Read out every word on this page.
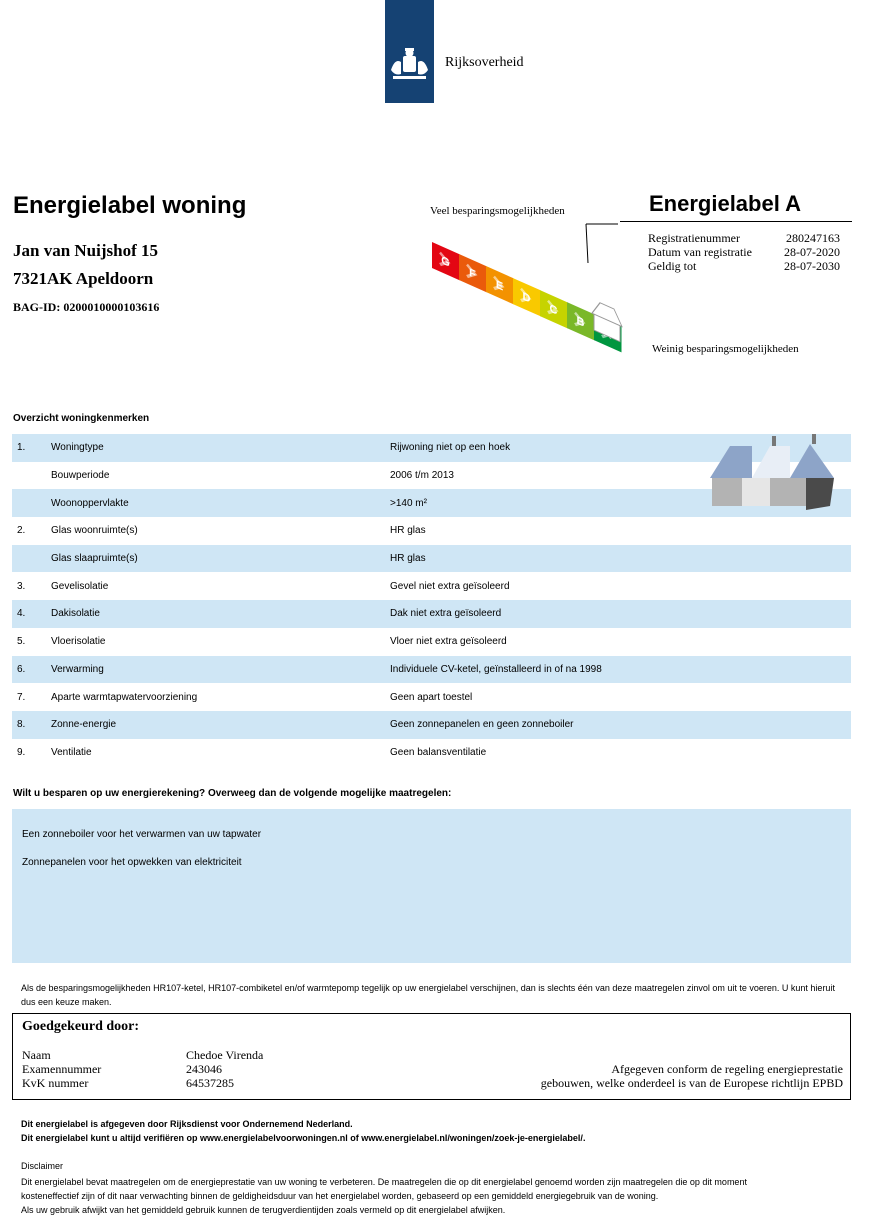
Rijksoverheid
Energielabel woning
Jan van Nuijshof 15
7321AK Apeldoorn
BAG-ID: 0200010000103616
Veel besparingsmogelijkheden
Weinig besparingsmogelijkheden
G
F
E
D
C
B
Energielabel A
Registratienummer	280247163
Datum van registratie	28-07-2020
Geldig tot	28-07-2030
Overzicht woningkenmerken
1.	Woningtype	Rijwoning niet op een hoek
Bouwperiode	2006 t/m 2013
Woonoppervlakte	>140 m²
2.	Glas woonruimte(s)	HR glas
Glas slaapruimte(s)	HR glas
3.	Gevelisolatie	Gevel niet extra geïsoleerd
4.	Dakisolatie	Dak niet extra geïsoleerd
5.	Vloerisolatie	Vloer niet extra geïsoleerd
6.	Verwarming	Individuele CV-ketel, geïnstalleerd in of na 1998
7.	Aparte warmtapwatervoorziening	Geen apart toestel
8.	Zonne-energie	Geen zonnepanelen en geen zonneboiler
9.	Ventilatie	Geen balansventilatie
Wilt u besparen op uw energierekening? Overweeg dan de volgende mogelijke maatregelen:
Een zonneboiler voor het verwarmen van uw tapwater
Zonnepanelen voor het opwekken van elektriciteit
Als de besparingsmogelijkheden HR107-ketel, HR107-combiketel en/of warmtepomp tegelijk op uw energielabel verschijnen, dan is slechts één van deze maatregelen zinvol om uit te voeren. U kunt hieruit dus een keuze maken.
Goedgekeurd door:
Naam	Chedoe Virenda
Examennummer	243046
KvK nummer	64537285
Afgegeven conform de regeling energieprestatie
gebouwen, welke onderdeel is van de Europese richtlijn EPBD
Dit energielabel is afgegeven door Rijksdienst voor Ondernemend Nederland.
Dit energielabel kunt u altijd verifiëren op www.energielabelvoorwoningen.nl of www.energielabel.nl/woningen/zoek-je-energielabel/.
Disclaimer
Dit energielabel bevat maatregelen om de energieprestatie van uw woning te verbeteren. De maatregelen die op dit energielabel genoemd worden zijn maatregelen die op dit moment
kosteneffectief zijn of dit naar verwachting binnen de geldigheidsduur van het energielabel worden, gebaseerd op een gemiddeld energiegebruik van de woning.
Als uw gebruik afwijkt van het gemiddeld gebruik kunnen de terugverdientijden zoals vermeld op dit energielabel afwijken.
